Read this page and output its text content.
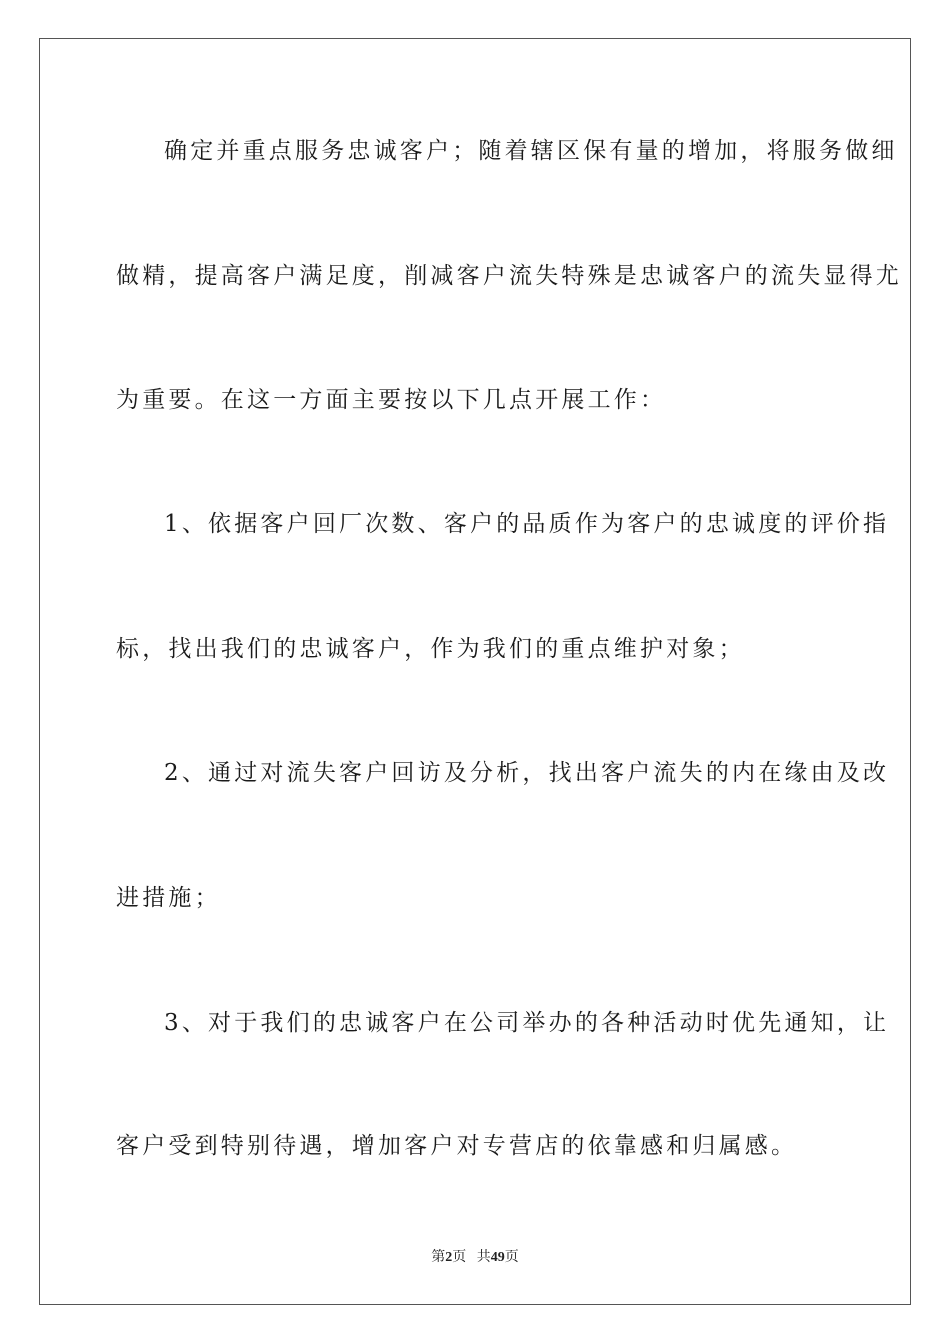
确定并重点服务忠诚客户；随着辖区保有量的增加，将服务做细
做精，提高客户满足度，削减客户流失特殊是忠诚客户的流失显得尤
为重要。在这一方面主要按以下几点开展工作：
1、依据客户回厂次数、客户的品质作为客户的忠诚度的评价指
标，找出我们的忠诚客户，作为我们的重点维护对象；
2、通过对流失客户回访及分析，找出客户流失的内在缘由及改
进措施；
3、对于我们的忠诚客户在公司举办的各种活动时优先通知，让
客户受到特别待遇，增加客户对专营店的依靠感和归属感。
第2页 共49页
